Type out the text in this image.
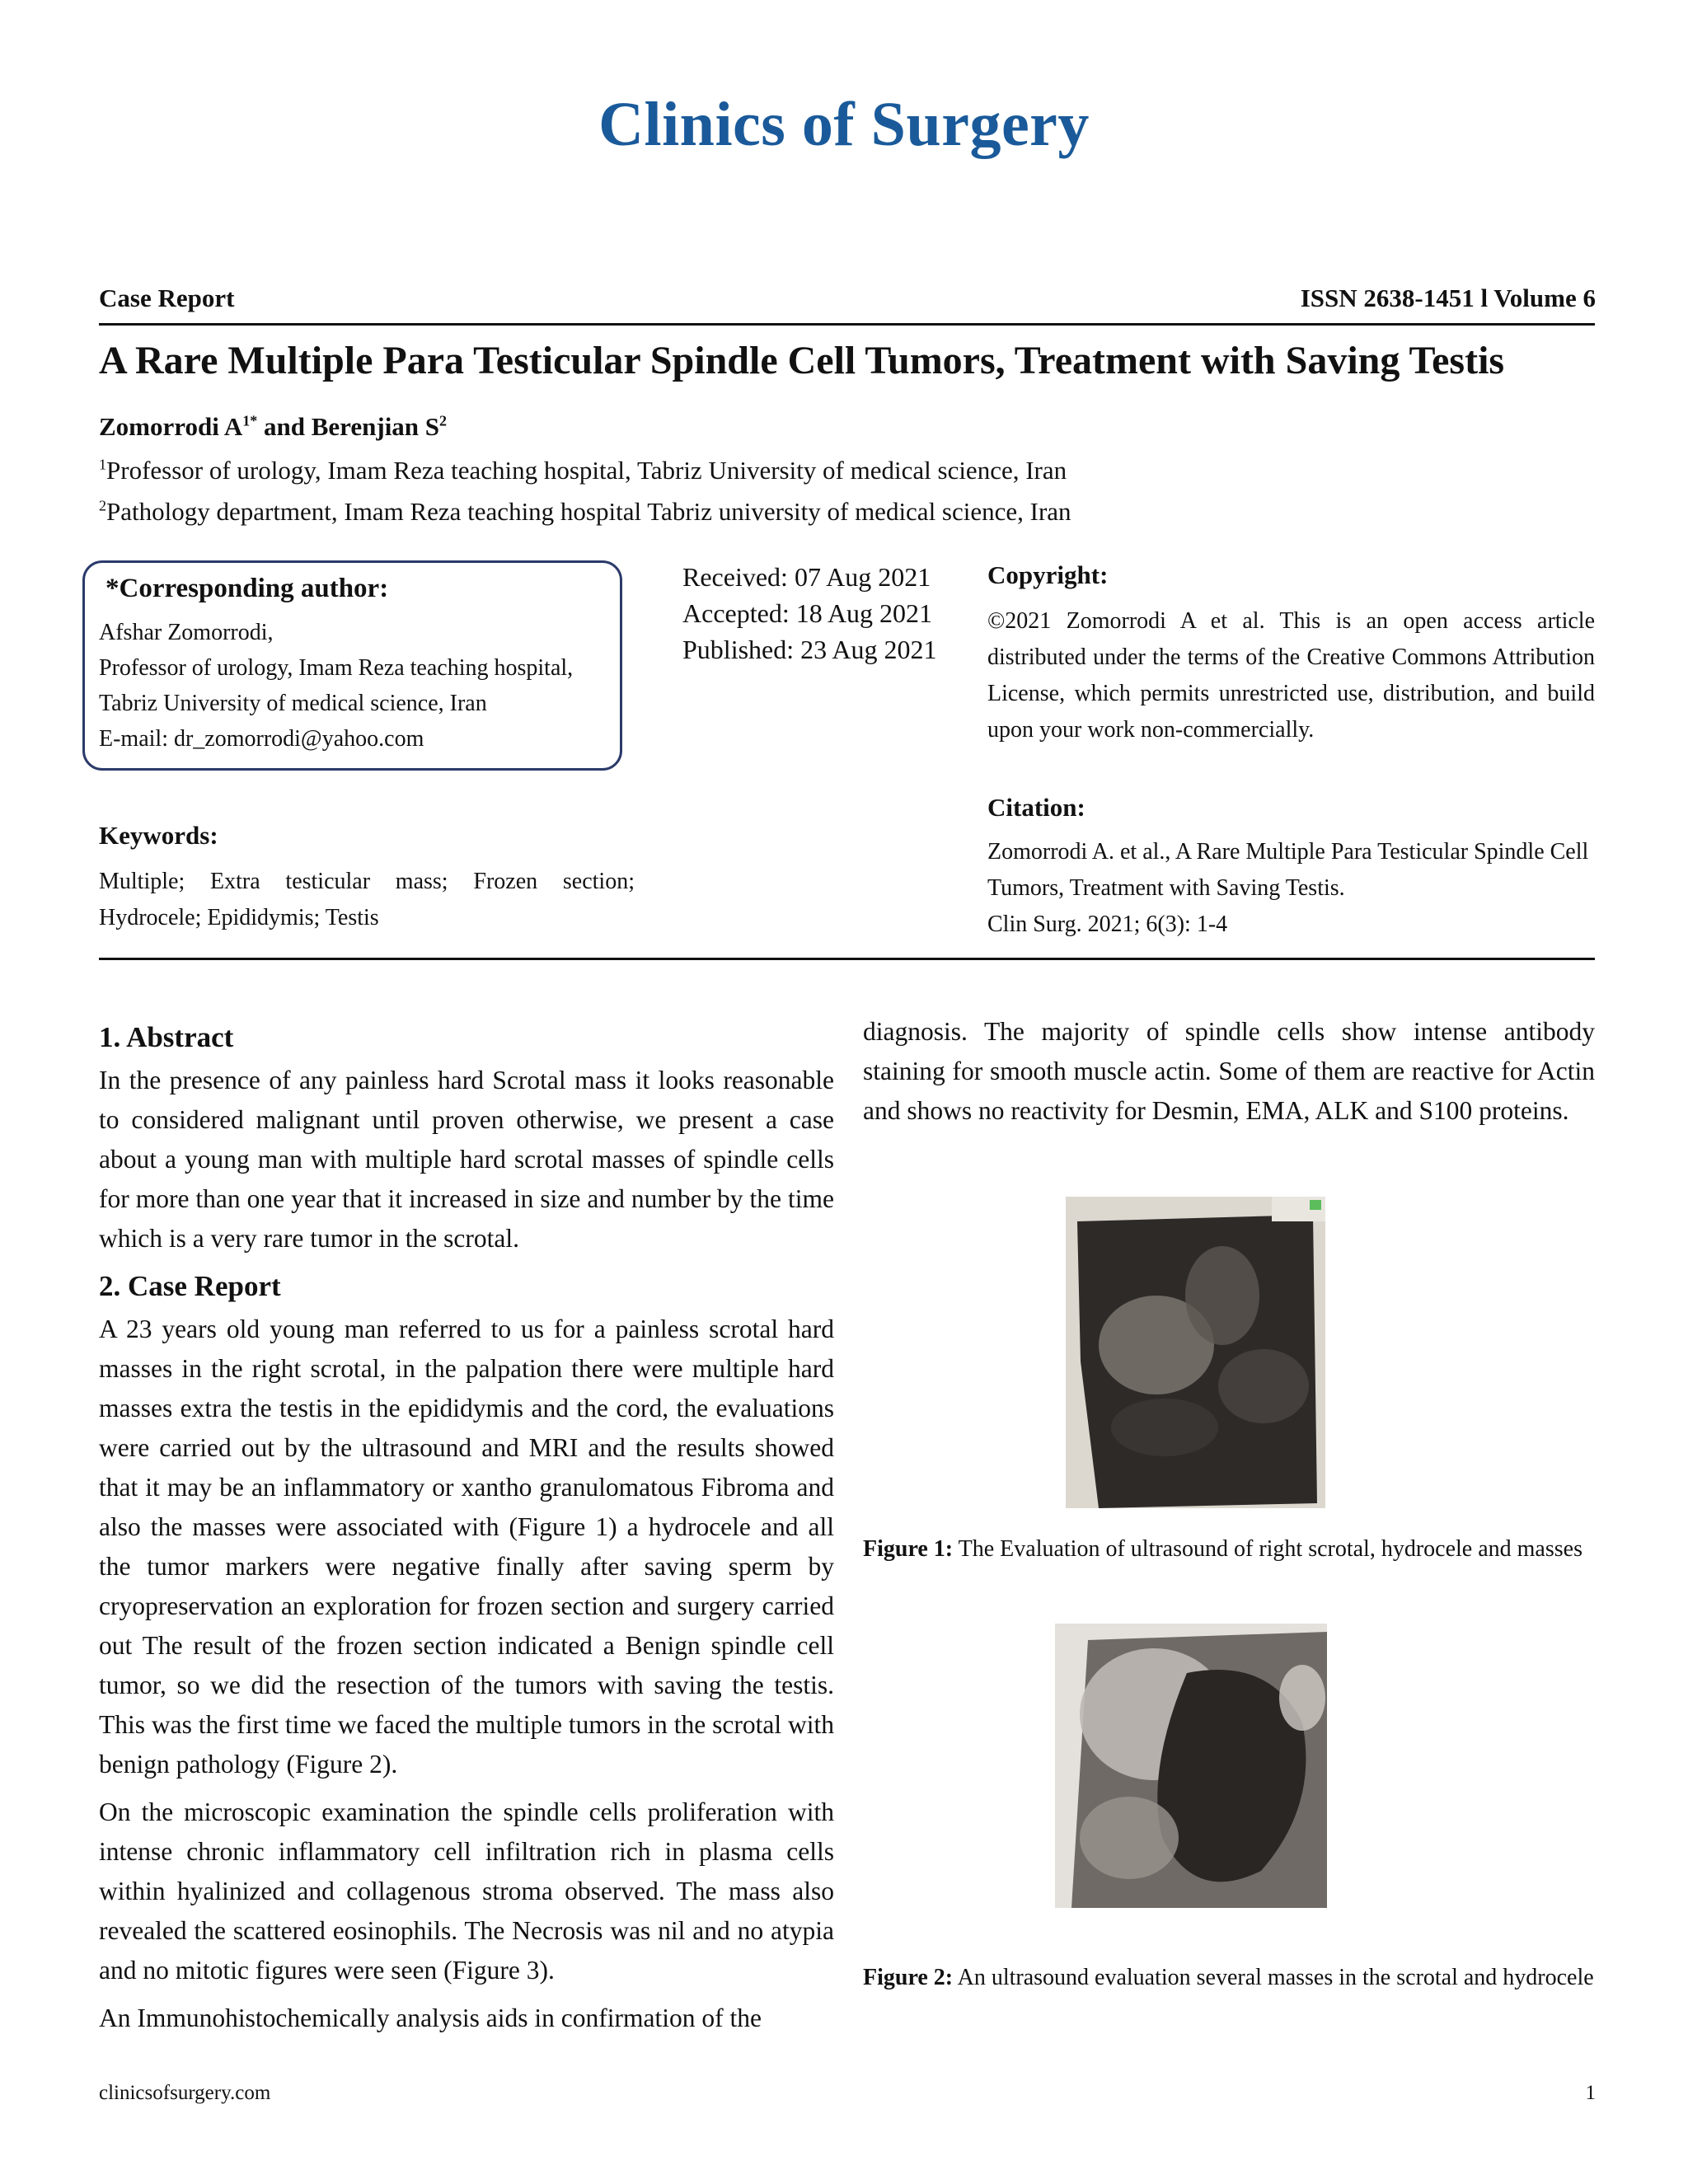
Clinics of Surgery
Case Report	ISSN 2638-1451 l Volume 6
A Rare Multiple Para Testicular Spindle Cell Tumors, Treatment with Saving Testis
Zomorrodi $A^{1*}$ and Berenjian $S^2$
$^1$Professor of urology, Imam Reza teaching hospital, Tabriz University of medical science, Iran
$^2$Pathology department, Imam Reza teaching hospital Tabriz university of medical science, Iran
*Corresponding author:
Afshar Zomorrodi,
Professor of urology, Imam Reza teaching hospital,
Tabriz University of medical science, Iran
E-mail: dr_zomorrodi@yahoo.com
Received: 07 Aug 2021
Accepted: 18 Aug 2021
Published: 23 Aug 2021
Copyright:
©2021 Zomorrodi A et al. This is an open access article distributed under the terms of the Creative Commons Attribution License, which permits unrestricted use, distribution, and build upon your work non-commercially.
Keywords:
Multiple; Extra testicular mass; Frozen section; Hydrocele; Epididymis; Testis
Citation:
Zomorrodi A. et al., A Rare Multiple Para Testicular Spindle Cell Tumors, Treatment with Saving Testis.
Clin Surg. 2021; 6(3): 1-4
1. Abstract

In the presence of any painless hard Scrotal mass it looks reasonable to considered malignant until proven otherwise, we present a case about a young man with multiple hard scrotal masses of spindle cells for more than one year that it increased in size and number by the time which is a very rare tumor in the scrotal.

2. Case Report

A 23 years old young man referred to us for a painless scrotal hard masses in the right scrotal, in the palpation there were multiple hard masses extra the testis in the epididymis and the cord, the evaluations were carried out by the ultrasound and MRI and the results showed that it may be an inflammatory or xantho granulomatous Fibroma and also the masses were associated with (Figure 1) a hydrocele and all the tumor markers were negative finally after saving sperm by cryopreservation an exploration for frozen section and surgery carried out The result of the frozen section indicated a Benign spindle cell tumor, so we did the resection of the tumors with saving the testis. This was the first time we faced the multiple tumors in the scrotal with benign pathology (Figure 2).

On the microscopic examination the spindle cells proliferation with intense chronic inflammatory cell infiltration rich in plasma cells within hyalinized and collagenous stroma observed. The mass also revealed the scattered eosinophils. The Necrosis was nil and no atypia and no mitotic figures were seen (Figure 3).

An Immunohistochemically analysis aids in confirmation of the

diagnosis. The majority of spindle cells show intense antibody staining for smooth muscle actin. Some of them are reactive for Actin and shows no reactivity for Desmin, EMA, ALK and S100 proteins.

Figure 1: The Evaluation of ultrasound of right scrotal, hydrocele and masses
Figure 2: An ultrasound evaluation several masses in the scrotal and hydrocele
clinicsofsurgery.com	1
